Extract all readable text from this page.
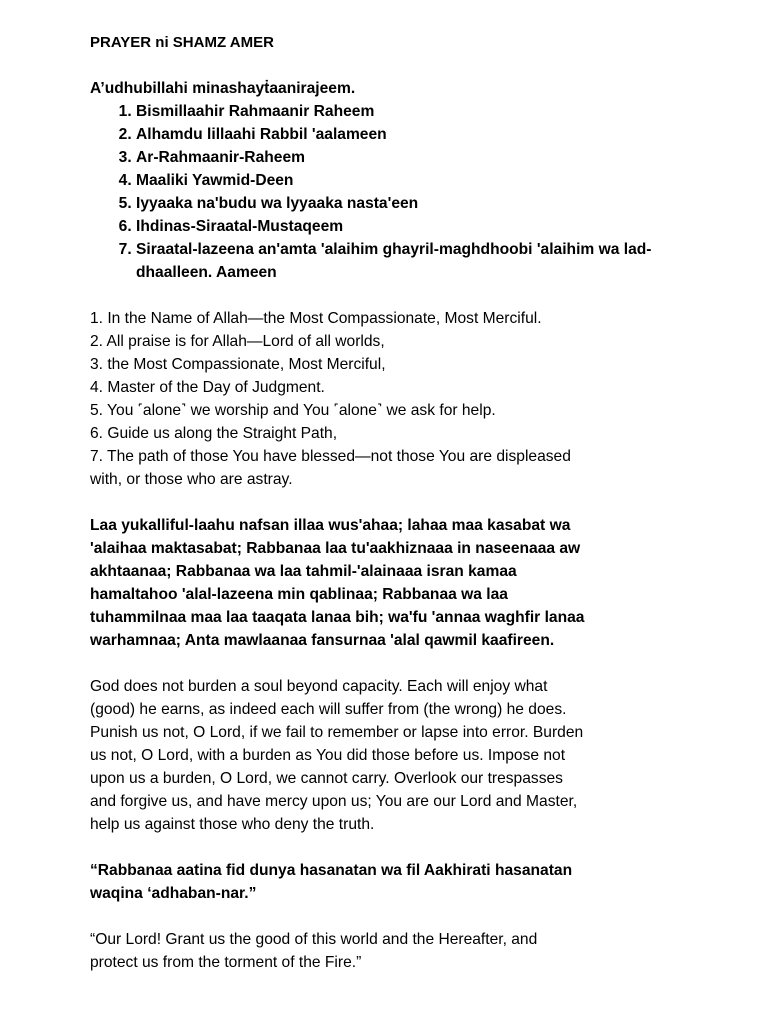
PRAYER ni SHAMZ AMER

A’udhubillahi minashayṫaanirajeem.

1. Bismillaahir Rahmaanir Raheem
2. Alhamdu lillaahi Rabbil 'aalameen
3. Ar-Rahmaanir-Raheem
4. Maaliki Yawmid-Deen
5. Iyyaaka na'budu wa lyyaaka nasta'een
6. Ihdinas-Siraatal-Mustaqeem
7. Siraatal-lazeena an'amta 'alaihim ghayril-maghdhoobi 'alaihim wa lad-dhaalleen. Aameen

1. In the Name of Allah—the Most Compassionate, Most Merciful.

2. All praise is for Allah—Lord of all worlds,

3. the Most Compassionate, Most Merciful,

4. Master of the Day of Judgment.

5. You ˹alone˺ we worship and You ˹alone˺ we ask for help.

6. Guide us along the Straight Path,

7. The path of those You have blessed—not those You are displeased

with, or those who are astray.

Laa yukalliful-laahu nafsan illaa wus'ahaa; lahaa maa kasabat wa

'alaihaa maktasabat; Rabbanaa laa tu'aakhiznaaa in naseenaaa aw

akhtaanaa; Rabbanaa wa laa tahmil-'alainaaa isran kamaa

hamaltahoo 'alal-lazeena min qablinaa; Rabbanaa wa laa

tuhammilnaa maa laa taaqata lanaa bih; wa'fu 'annaa waghfir lanaa

warhamnaa; Anta mawlaanaa fansurnaa 'alal qawmil kaafireen.

God does not burden a soul beyond capacity. Each will enjoy what

(good) he earns, as indeed each will suffer from (the wrong) he does.

Punish us not, O Lord, if we fail to remember or lapse into error. Burden

us not, O Lord, with a burden as You did those before us. Impose not

upon us a burden, O Lord, we cannot carry. Overlook our trespasses

and forgive us, and have mercy upon us; You are our Lord and Master,

help us against those who deny the truth.

“Rabbanaa aatina fid dunya hasanatan wa fil Aakhirati hasanatan

waqina ‘adhaban-nar.”

“Our Lord! Grant us the good of this world and the Hereafter, and

protect us from the torment of the Fire.”
